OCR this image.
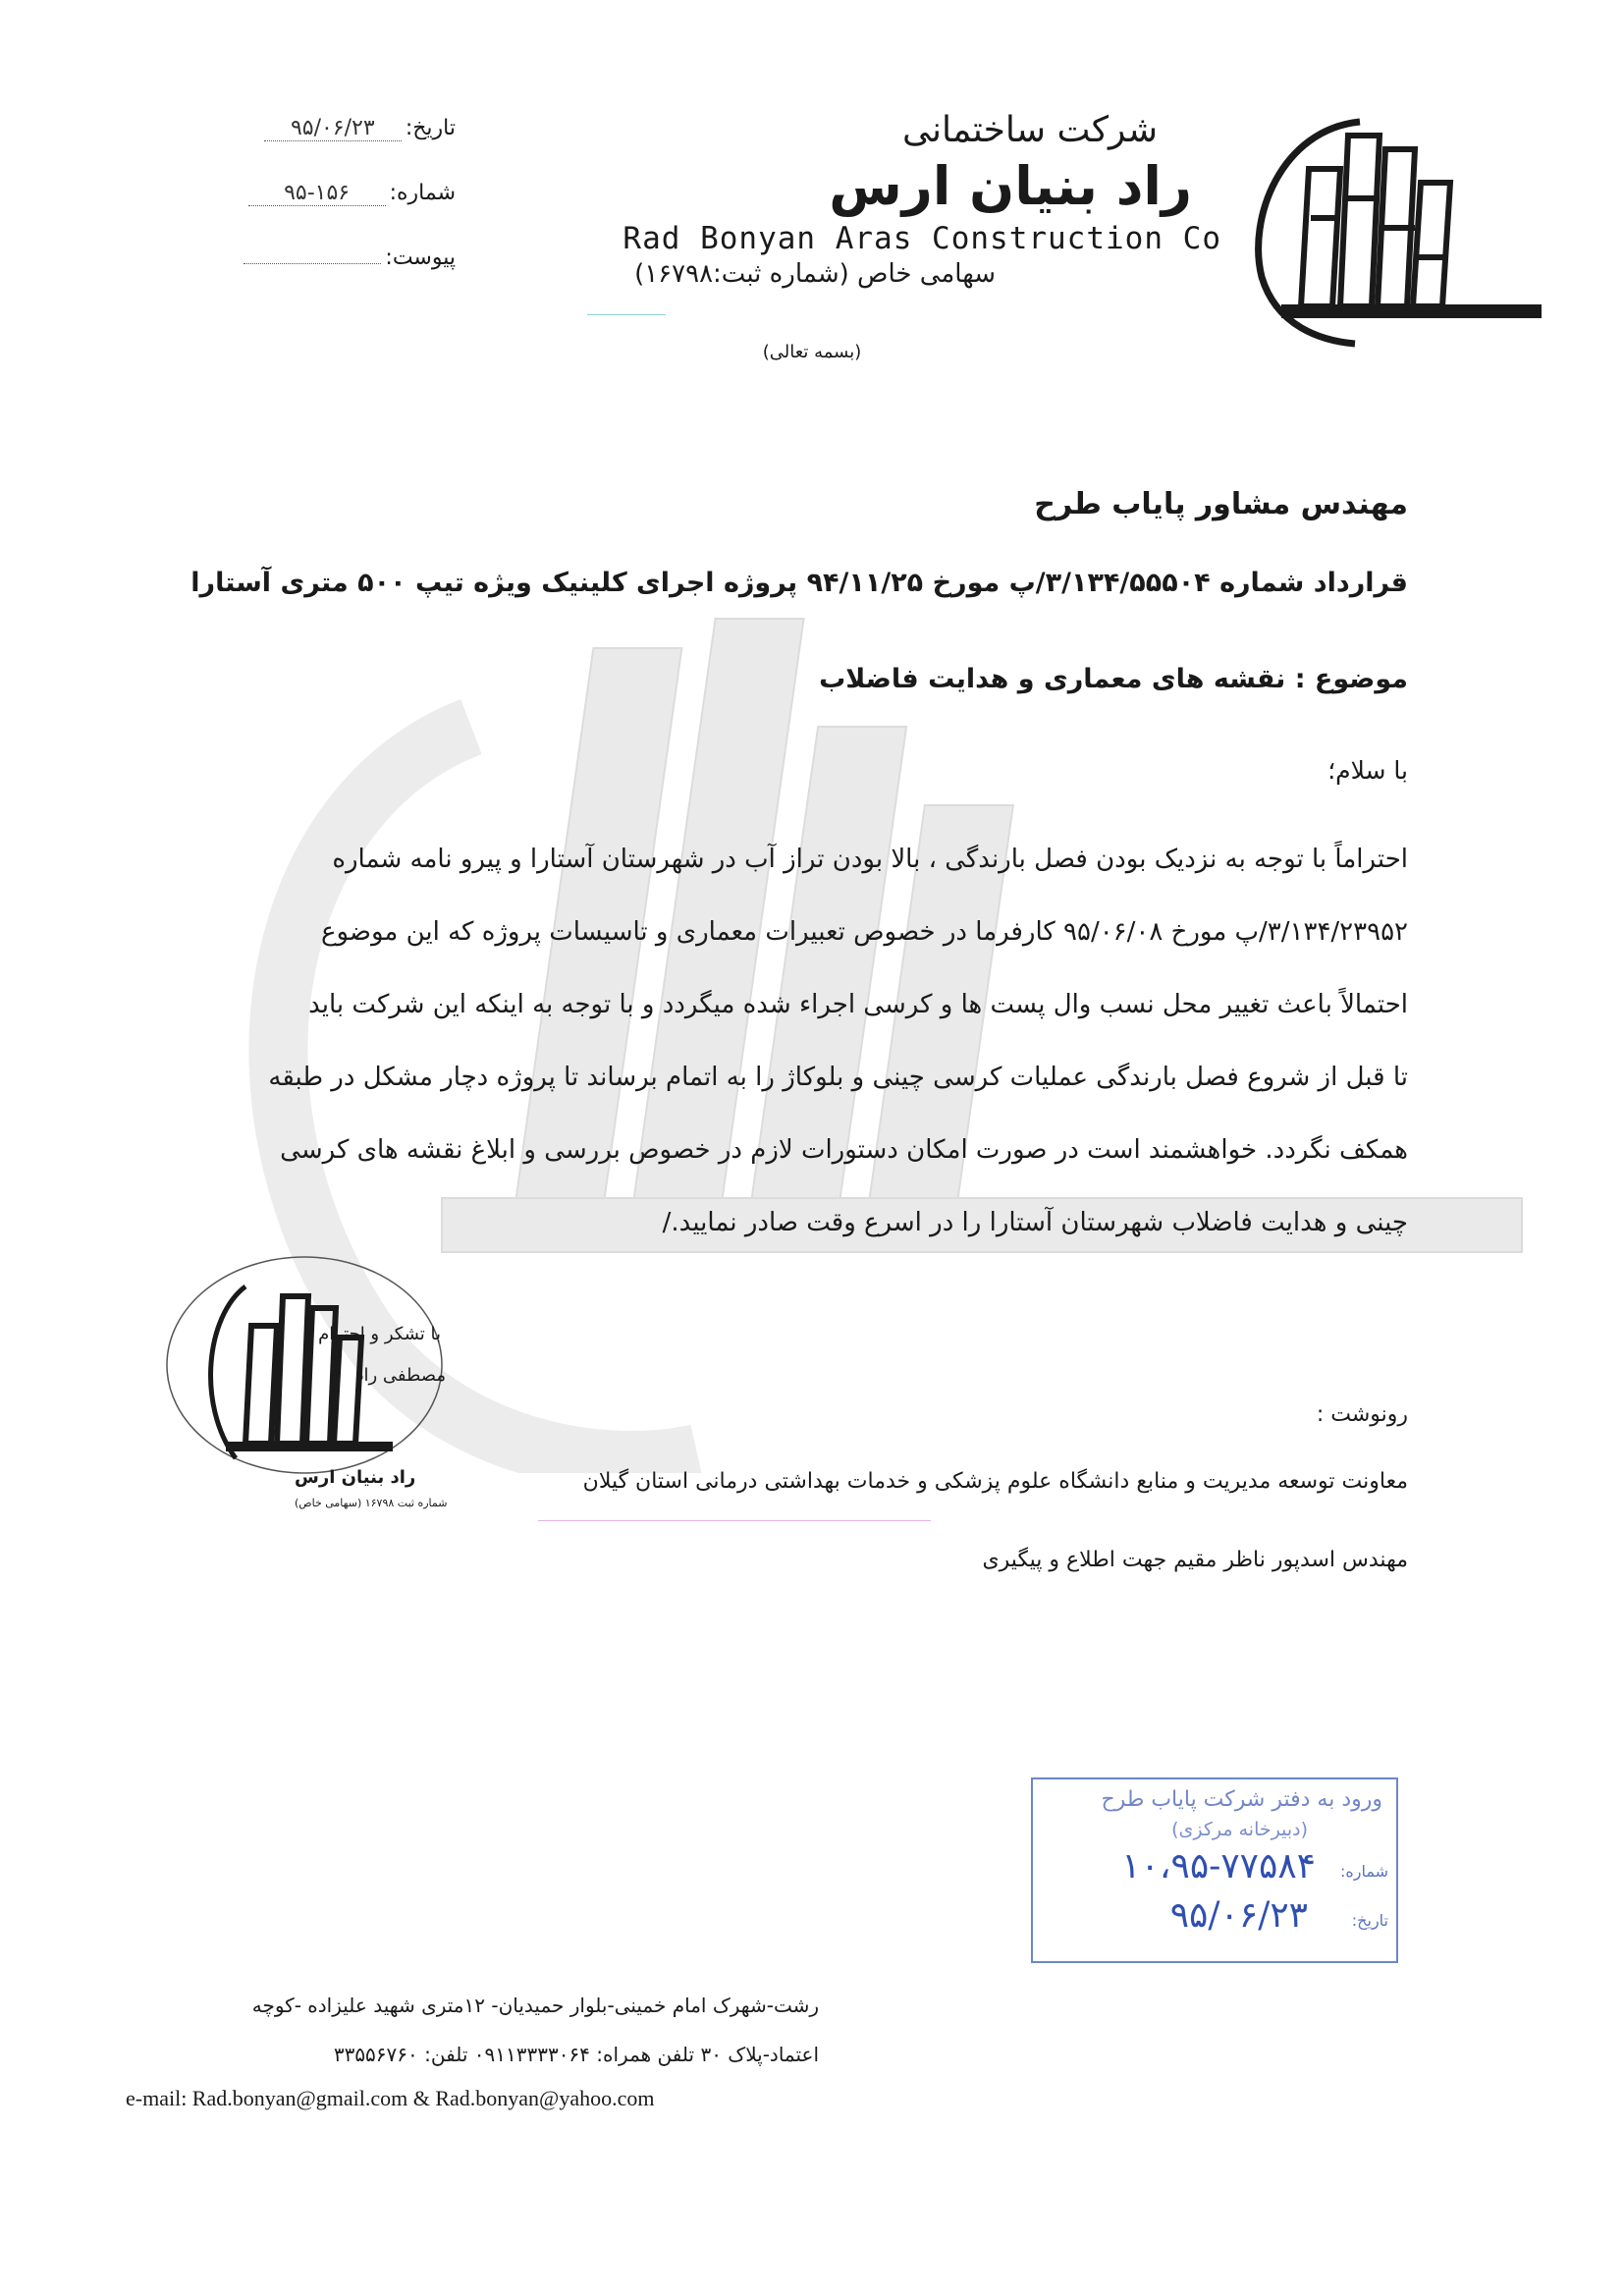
تاریخ:
۹۵/۰۶/۲۳
شماره:
۹۵-۱۵۶
پیوست:
شرکت ساختمانی
راد بنیان ارس
Rad Bonyan Aras Construction Co
سهامی خاص (شماره ثبت:۱۶۷۹۸)
(بسمه تعالی)
مهندس مشاور پایاب طرح
قرارداد شماره ۳/۱۳۴/۵۵۵۰۴/پ مورخ ۹۴/۱۱/۲۵ پروژه اجرای کلینیک ویژه تیپ ۵۰۰ متری آستارا
موضوع : نقشه های معماری و هدایت فاضلاب
با سلام؛
احتراماً با توجه به نزدیک بودن فصل بارندگی ، بالا بودن تراز آب در شهرستان آستارا و پیرو نامه شماره
۳/۱۳۴/۲۳۹۵۲/پ مورخ ۹۵/۰۶/۰۸ کارفرما در خصوص تعبیرات معماری و تاسیسات پروژه که این موضوع
احتمالاً باعث تغییر محل نسب وال پست ها و کرسی اجراء شده میگردد و با توجه به اینکه این شرکت باید
تا قبل از شروع فصل بارندگی عملیات کرسی چینی و بلوکاژ را به اتمام برساند تا پروژه دچار مشکل در طبقه
همکف نگردد. خواهشمند است در صورت امکان دستورات لازم در خصوص بررسی و ابلاغ نقشه های کرسی
چینی و هدایت فاضلاب شهرستان آستارا را در اسرع وقت صادر نمایید./
راد بنیان ارس
شماره ثبت ۱۶۷۹۸ (سهامی خاص)
با تشکر و احترام
مصطفی راد
رونوشت :
معاونت توسعه مدیریت و منابع دانشگاه علوم پزشکی و خدمات بهداشتی درمانی استان گیلان
مهندس اسدپور ناظر مقیم جهت اطلاع و پیگیری
ورود به دفتر شرکت پایاب طرح
(دبیرخانه مرکزی)
شماره:
۱۰،۹۵-۷۷۵۸۴
تاریخ:
۹۵/۰۶/۲۳
رشت-شهرک امام خمینی-بلوار حمیدیان- ۱۲متری شهید علیزاده -کوچه
اعتماد-پلاک ۳۰ تلفن همراه: ۰۹۱۱۳۳۳۳۰۶۴ تلفن: ۳۳۵۵۶۷۶۰
e-mail: Rad.bonyan@gmail.com & Rad.bonyan@yahoo.com
